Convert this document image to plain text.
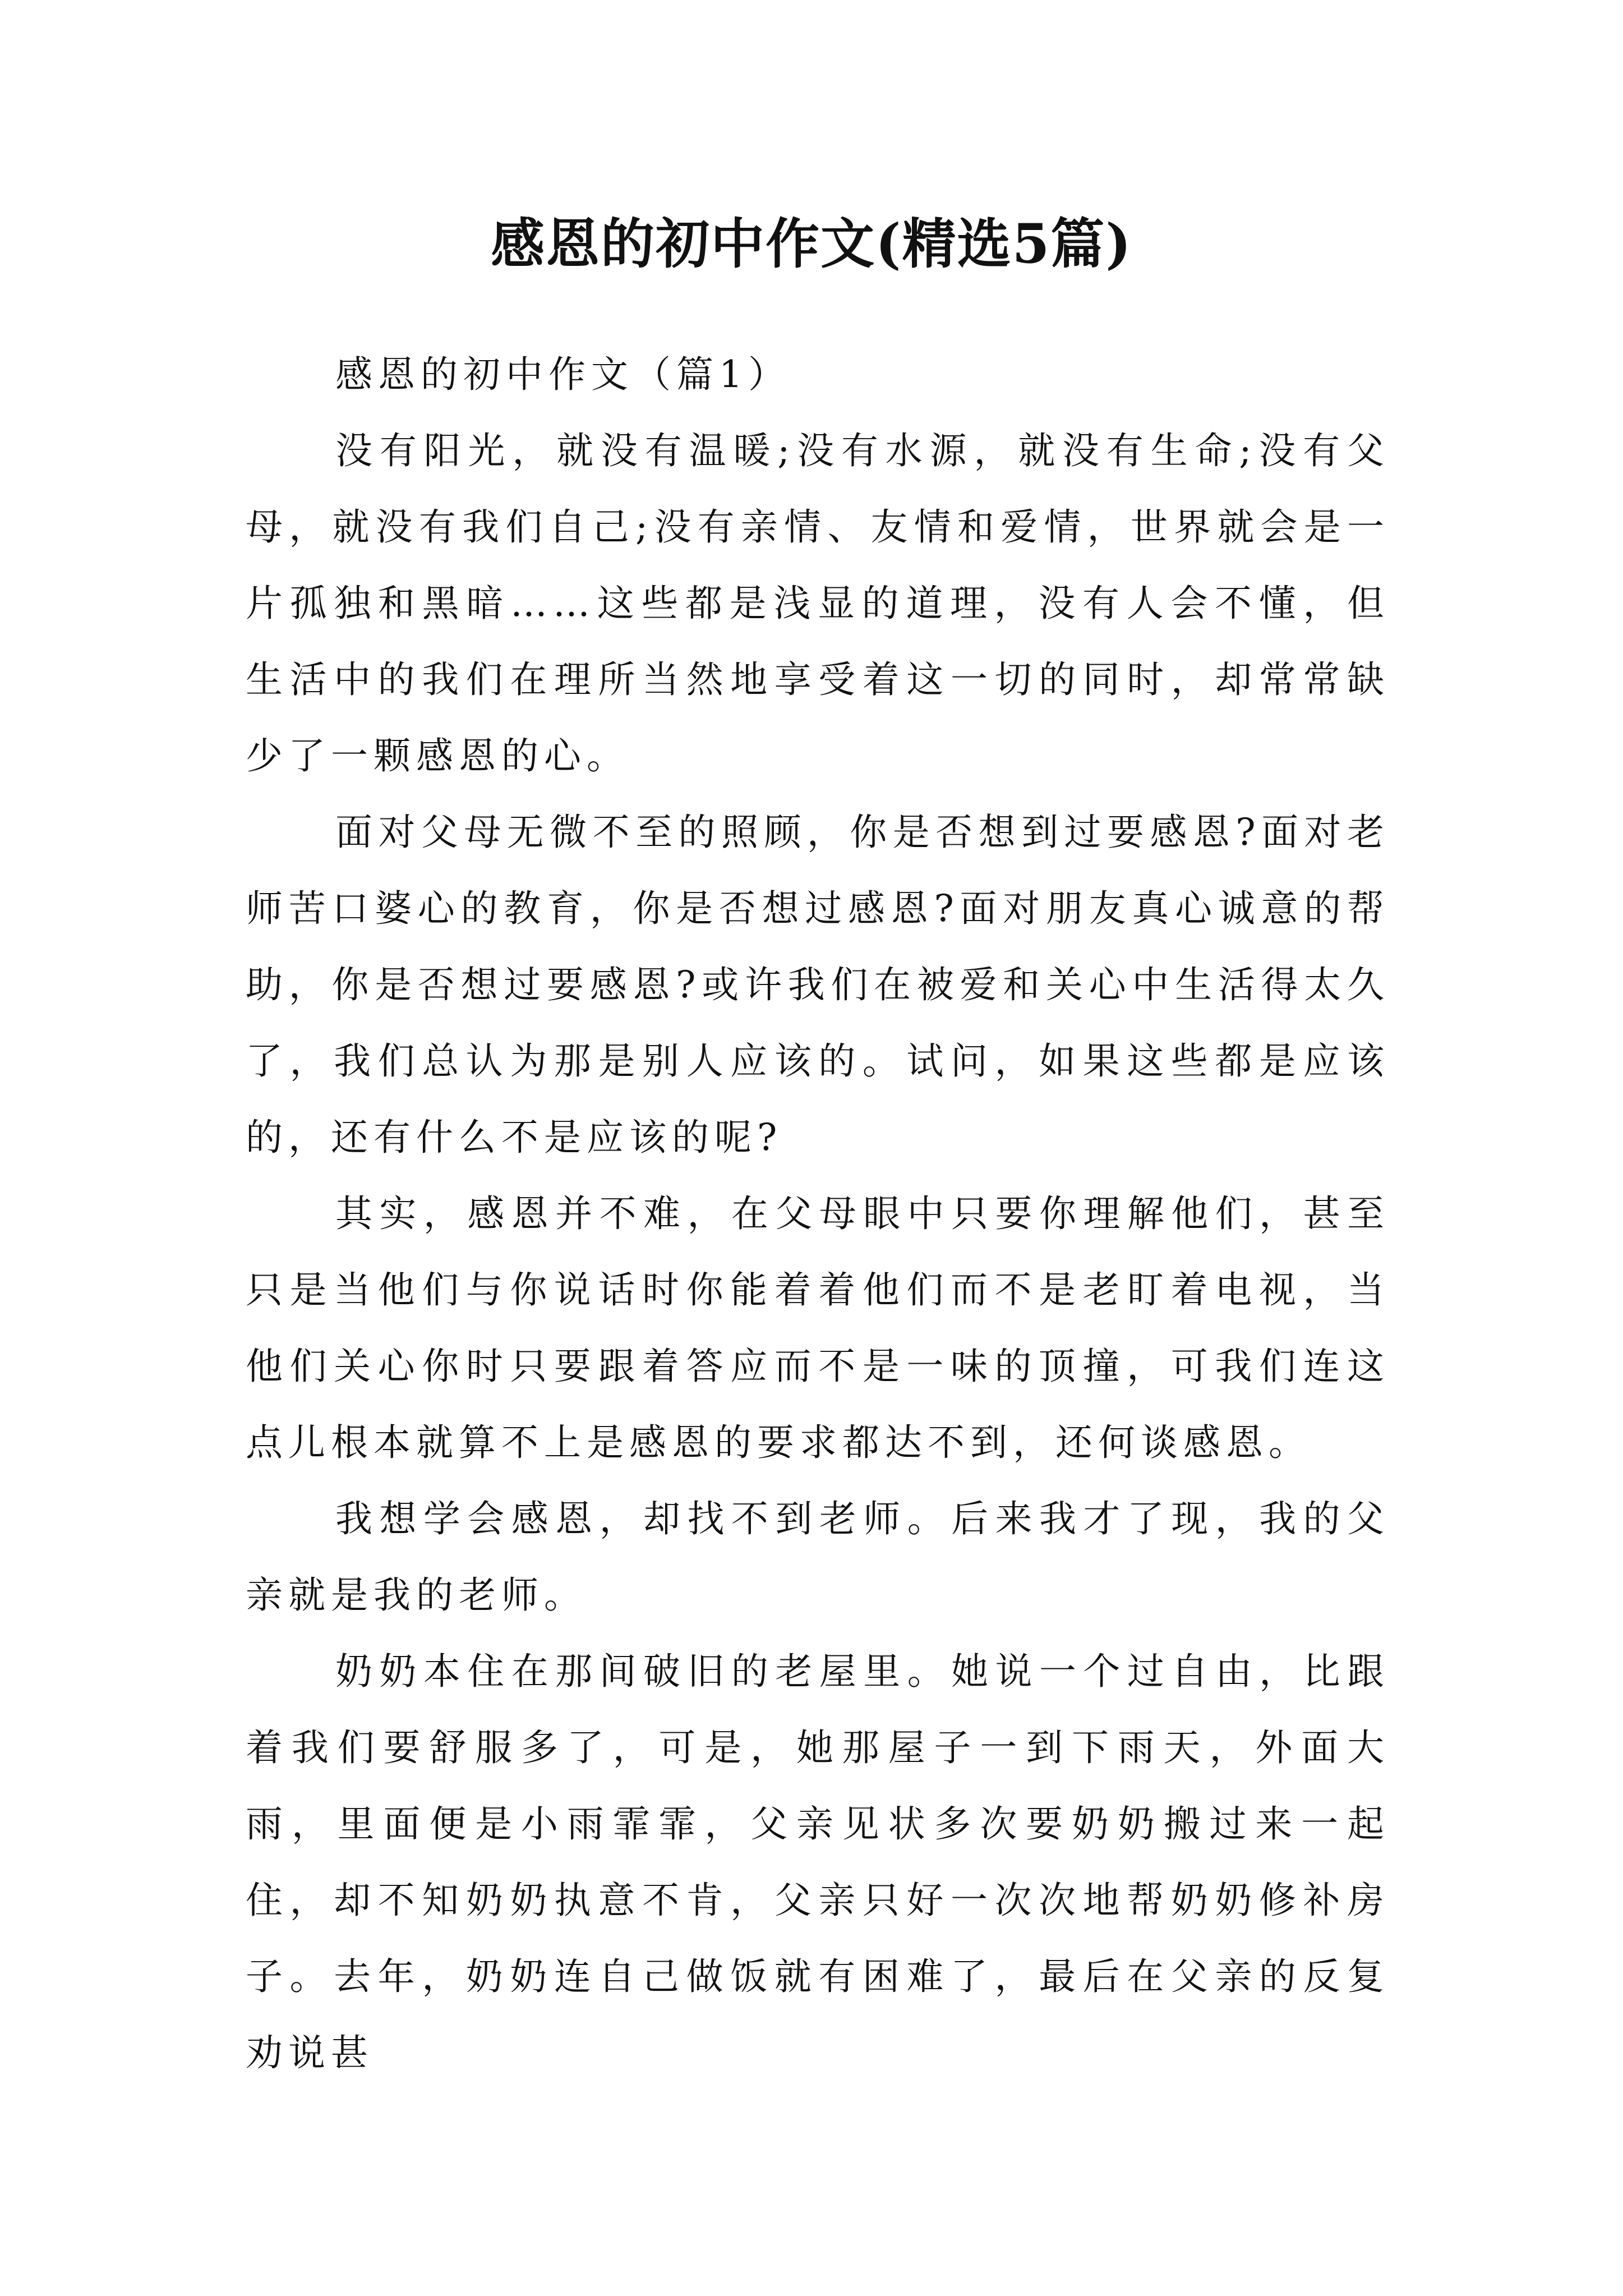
感恩的初中作文(精选5篇)
感恩的初中作文（篇1）

没有阳光，就没有温暖;没有水源，就没有生命;没有父母，就没有我们自己;没有亲情、友情和爱情，世界就会是一片孤独和黑暗……这些都是浅显的道理，没有人会不懂，但生活中的我们在理所当然地享受着这一切的同时，却常常缺少了一颗感恩的心。

面对父母无微不至的照顾，你是否想到过要感恩?面对老师苦口婆心的教育，你是否想过感恩?面对朋友真心诚意的帮助，你是否想过要感恩?或许我们在被爱和关心中生活得太久了，我们总认为那是别人应该的。试问，如果这些都是应该的，还有什么不是应该的呢?

其实，感恩并不难，在父母眼中只要你理解他们，甚至只是当他们与你说话时你能着着他们而不是老盯着电视，当他们关心你时只要跟着答应而不是一味的顶撞，可我们连这点儿根本就算不上是感恩的要求都达不到，还何谈感恩。

我想学会感恩，却找不到老师。后来我才了现，我的父亲就是我的老师。

奶奶本住在那间破旧的老屋里。她说一个过自由，比跟着我们要舒服多了，可是，她那屋子一到下雨天，外面大雨，里面便是小雨霏霏，父亲见状多次要奶奶搬过来一起住，却不知奶奶执意不肯，父亲只好一次次地帮奶奶修补房子。去年，奶奶连自己做饭就有困难了，最后在父亲的反复劝说甚
